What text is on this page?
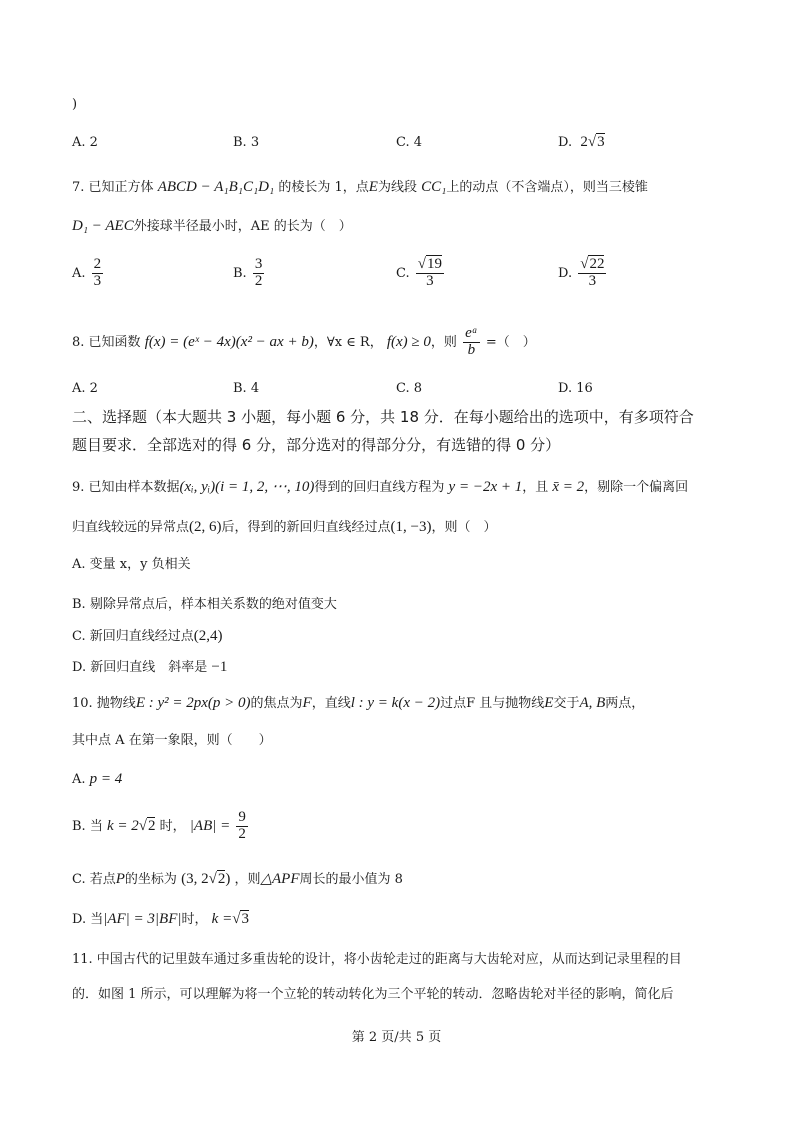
)
A. 2	B. 3	C. 4	D. 2√3
7. 已知正方体 ABCD − A₁B₁C₁D₁ 的棱长为 1，点E为线段 CC₁上的动点（不含端点），则当三棱锥
D₁ − AEC外接球半径最小时，AE 的长为（　）
A. $\frac{2}{3}$	B. $\frac{3}{2}$	C. $\frac{√19}{3}$	D. $\frac{√22}{3}$
8. 已知函数 f(x) = (eˣ − 4x)(x² − ax + b)，∀x ∈ R， f(x) ≥ 0，则 $\frac{\text{eᵃ}}{b}$ =（　）
A. 2	B. 4	C. 8	D. 16
二、选择题（本大题共 3 小题，每小题 6 分，共 18 分．在每小题给出的选项中，有多项符合
题目要求．全部选对的得 6 分，部分选对的得部分分，有选错的得 0 分）
9. 已知由样本数据(xᵢ, yᵢ)(i = 1, 2, ⋯, 10)得到的回归直线方程为 y = −2x + 1，且 x̄ = 2，剔除一个偏离回
归直线较远的异常点(2, 6)后，得到的新回归直线经过点(1, −3)，则（　）
A. 变量 x，y 负相关
B. 剔除异常点后，样本相关系数的绝对值变大
C. 新回归直线经过点(2,4)
D. 新回归直线　斜率是 −1
10. 抛物线E : y² = 2px(p > 0)的焦点为F，直线l : y = k(x − 2)过点F 且与抛物线E交于A, B两点，
其中点 A 在第一象限，则（　　）
A. p = 4
B. 当 k = 2√2 时， $|AB| = \frac{9}{2}$
C. 若点P的坐标为 (3, 2√2) ，则△APF周长的最小值为 8
D. 当|AF| = 3|BF|时， k =√3
11. 中国古代的记里鼓车通过多重齿轮的设计，将小齿轮走过的距离与大齿轮对应，从而达到记录里程的目
的．如图 1 所示，可以理解为将一个立轮的转动转化为三个平轮的转动．忽略齿轮对半径的影响，简化后
第 2 页/共 5 页
